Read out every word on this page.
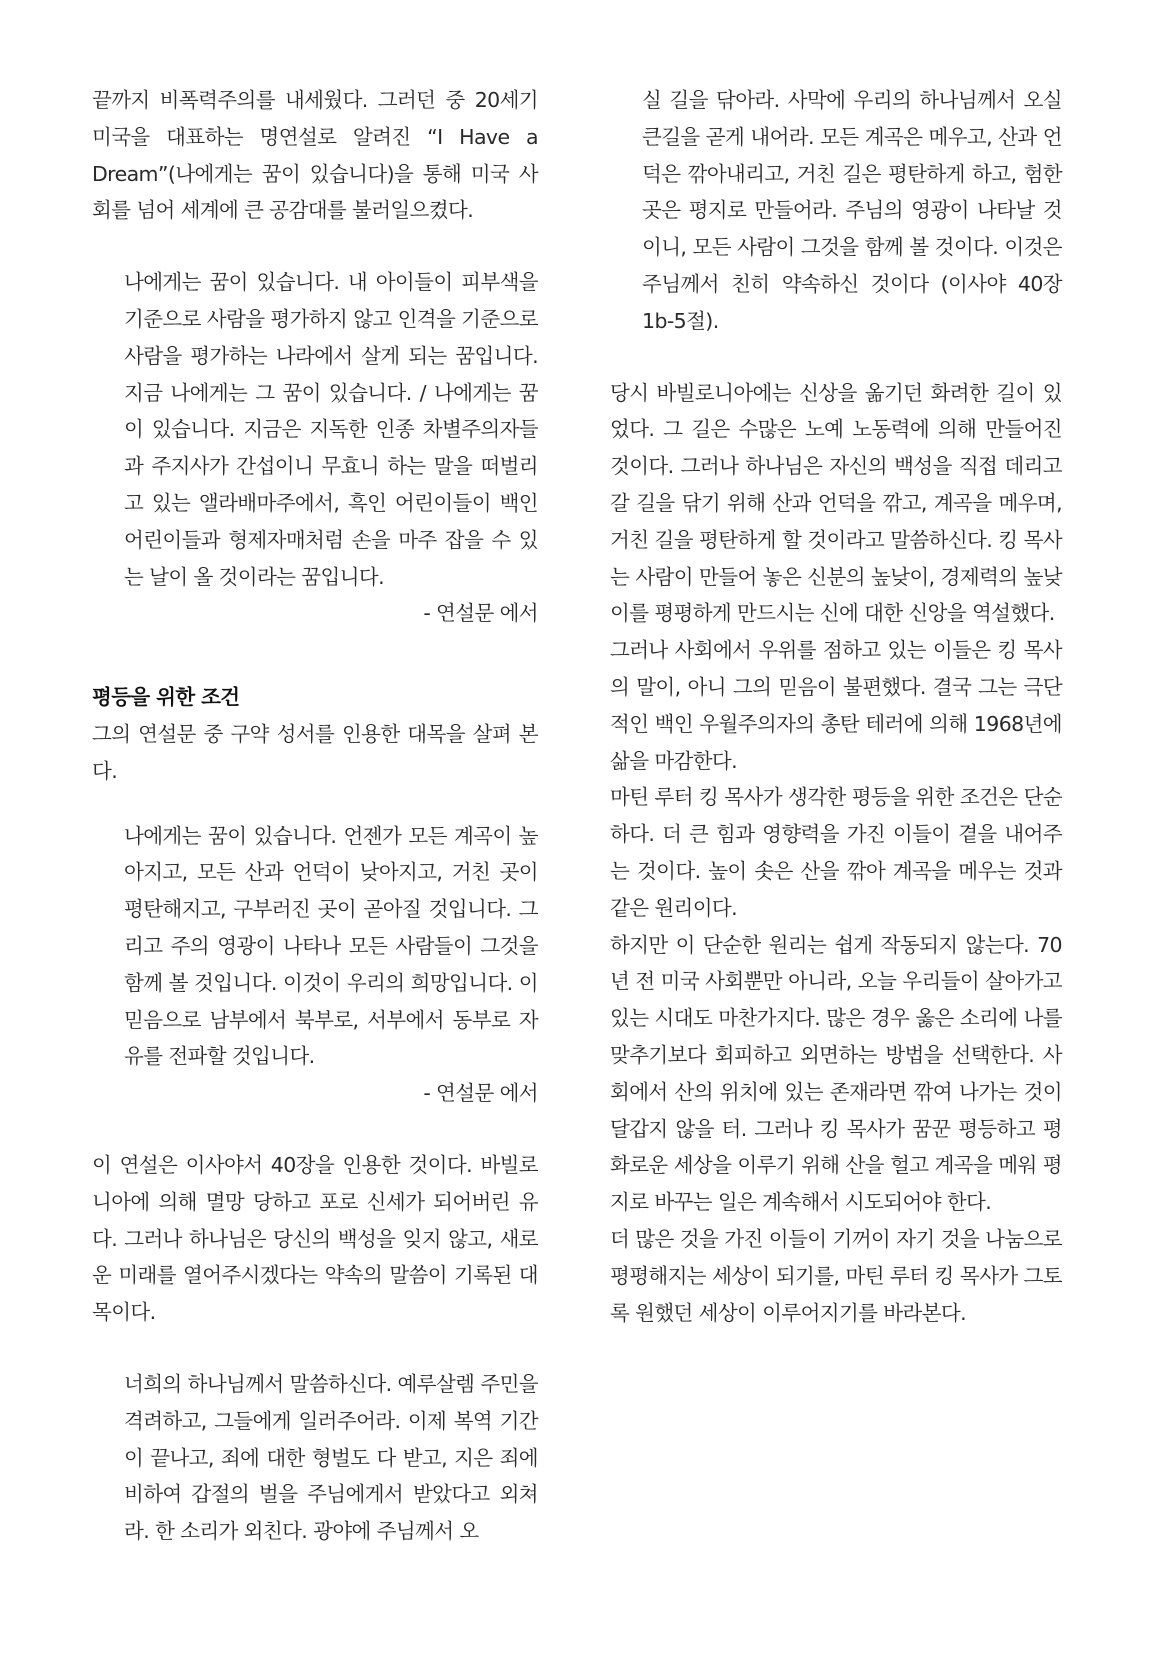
끝까지 비폭력주의를 내세웠다. 그러던 중 20세기 미국을 대표하는 명연설로 알려진 “I Have a Dream”(나에게는 꿈이 있습니다)을 통해 미국 사회를 넘어 세계에 큰 공감대를 불러일으켰다.

나에게는 꿈이 있습니다. 내 아이들이 피부색을 기준으로 사람을 평가하지 않고 인격을 기준으로 사람을 평가하는 나라에서 살게 되는 꿈입니다. 지금 나에게는 그 꿈이 있습니다. / 나에게는 꿈이 있습니다. 지금은 지독한 인종 차별주의자들과 주지사가 간섭이니 무효니 하는 말을 떠벌리고 있는 앨라배마주에서, 흑인 어린이들이 백인 어린이들과 형제자매처럼 손을 마주 잡을 수 있는 날이 올 것이라는 꿈입니다.

- 연설문 에서

평등을 위한 조건

그의 연설문 중 구약 성서를 인용한 대목을 살펴 본다.

나에게는 꿈이 있습니다. 언젠가 모든 계곡이 높아지고, 모든 산과 언덕이 낮아지고, 거친 곳이 평탄해지고, 구부러진 곳이 곧아질 것입니다. 그리고 주의 영광이 나타나 모든 사람들이 그것을 함께 볼 것입니다. 이것이 우리의 희망입니다. 이 믿음으로 남부에서 북부로, 서부에서 동부로 자유를 전파할 것입니다.

- 연설문 에서

이 연설은 이사야서 40장을 인용한 것이다. 바빌로니아에 의해 멸망 당하고 포로 신세가 되어버린 유다. 그러나 하나님은 당신의 백성을 잊지 않고, 새로운 미래를 열어주시겠다는 약속의 말씀이 기록된 대목이다.

너희의 하나님께서 말씀하신다. 예루살렘 주민을 격려하고, 그들에게 일러주어라. 이제 복역 기간이 끝나고, 죄에 대한 형벌도 다 받고, 지은 죄에 비하여 갑절의 벌을 주님에게서 받았다고 외쳐라. 한 소리가 외친다. 광야에 주님께서 오

실 길을 닦아라. 사막에 우리의 하나님께서 오실 큰길을 곧게 내어라. 모든 계곡은 메우고, 산과 언덕은 깎아내리고, 거친 길은 평탄하게 하고, 험한 곳은 평지로 만들어라. 주님의 영광이 나타날 것이니, 모든 사람이 그것을 함께 볼 것이다. 이것은 주님께서 친히 약속하신 것이다 (이사야 40장 1b-5절).

당시 바빌로니아에는 신상을 옮기던 화려한 길이 있었다. 그 길은 수많은 노예 노동력에 의해 만들어진 것이다. 그러나 하나님은 자신의 백성을 직접 데리고 갈 길을 닦기 위해 산과 언덕을 깎고, 계곡을 메우며, 거친 길을 평탄하게 할 것이라고 말씀하신다. 킹 목사는 사람이 만들어 놓은 신분의 높낮이, 경제력의 높낮이를 평평하게 만드시는 신에 대한 신앙을 역설했다.

그러나 사회에서 우위를 점하고 있는 이들은 킹 목사의 말이, 아니 그의 믿음이 불편했다. 결국 그는 극단적인 백인 우월주의자의 총탄 테러에 의해 1968년에 삶을 마감한다.

마틴 루터 킹 목사가 생각한 평등을 위한 조건은 단순하다. 더 큰 힘과 영향력을 가진 이들이 곁을 내어주는 것이다. 높이 솟은 산을 깎아 계곡을 메우는 것과 같은 원리이다.

하지만 이 단순한 원리는 쉽게 작동되지 않는다. 70년 전 미국 사회뿐만 아니라, 오늘 우리들이 살아가고 있는 시대도 마찬가지다. 많은 경우 옳은 소리에 나를 맞추기보다 회피하고 외면하는 방법을 선택한다. 사회에서 산의 위치에 있는 존재라면 깎여 나가는 것이 달갑지 않을 터. 그러나 킹 목사가 꿈꾼 평등하고 평화로운 세상을 이루기 위해 산을 헐고 계곡을 메워 평지로 바꾸는 일은 계속해서 시도되어야 한다.

더 많은 것을 가진 이들이 기꺼이 자기 것을 나눔으로 평평해지는 세상이 되기를, 마틴 루터 킹 목사가 그토록 원했던 세상이 이루어지기를 바라본다.
